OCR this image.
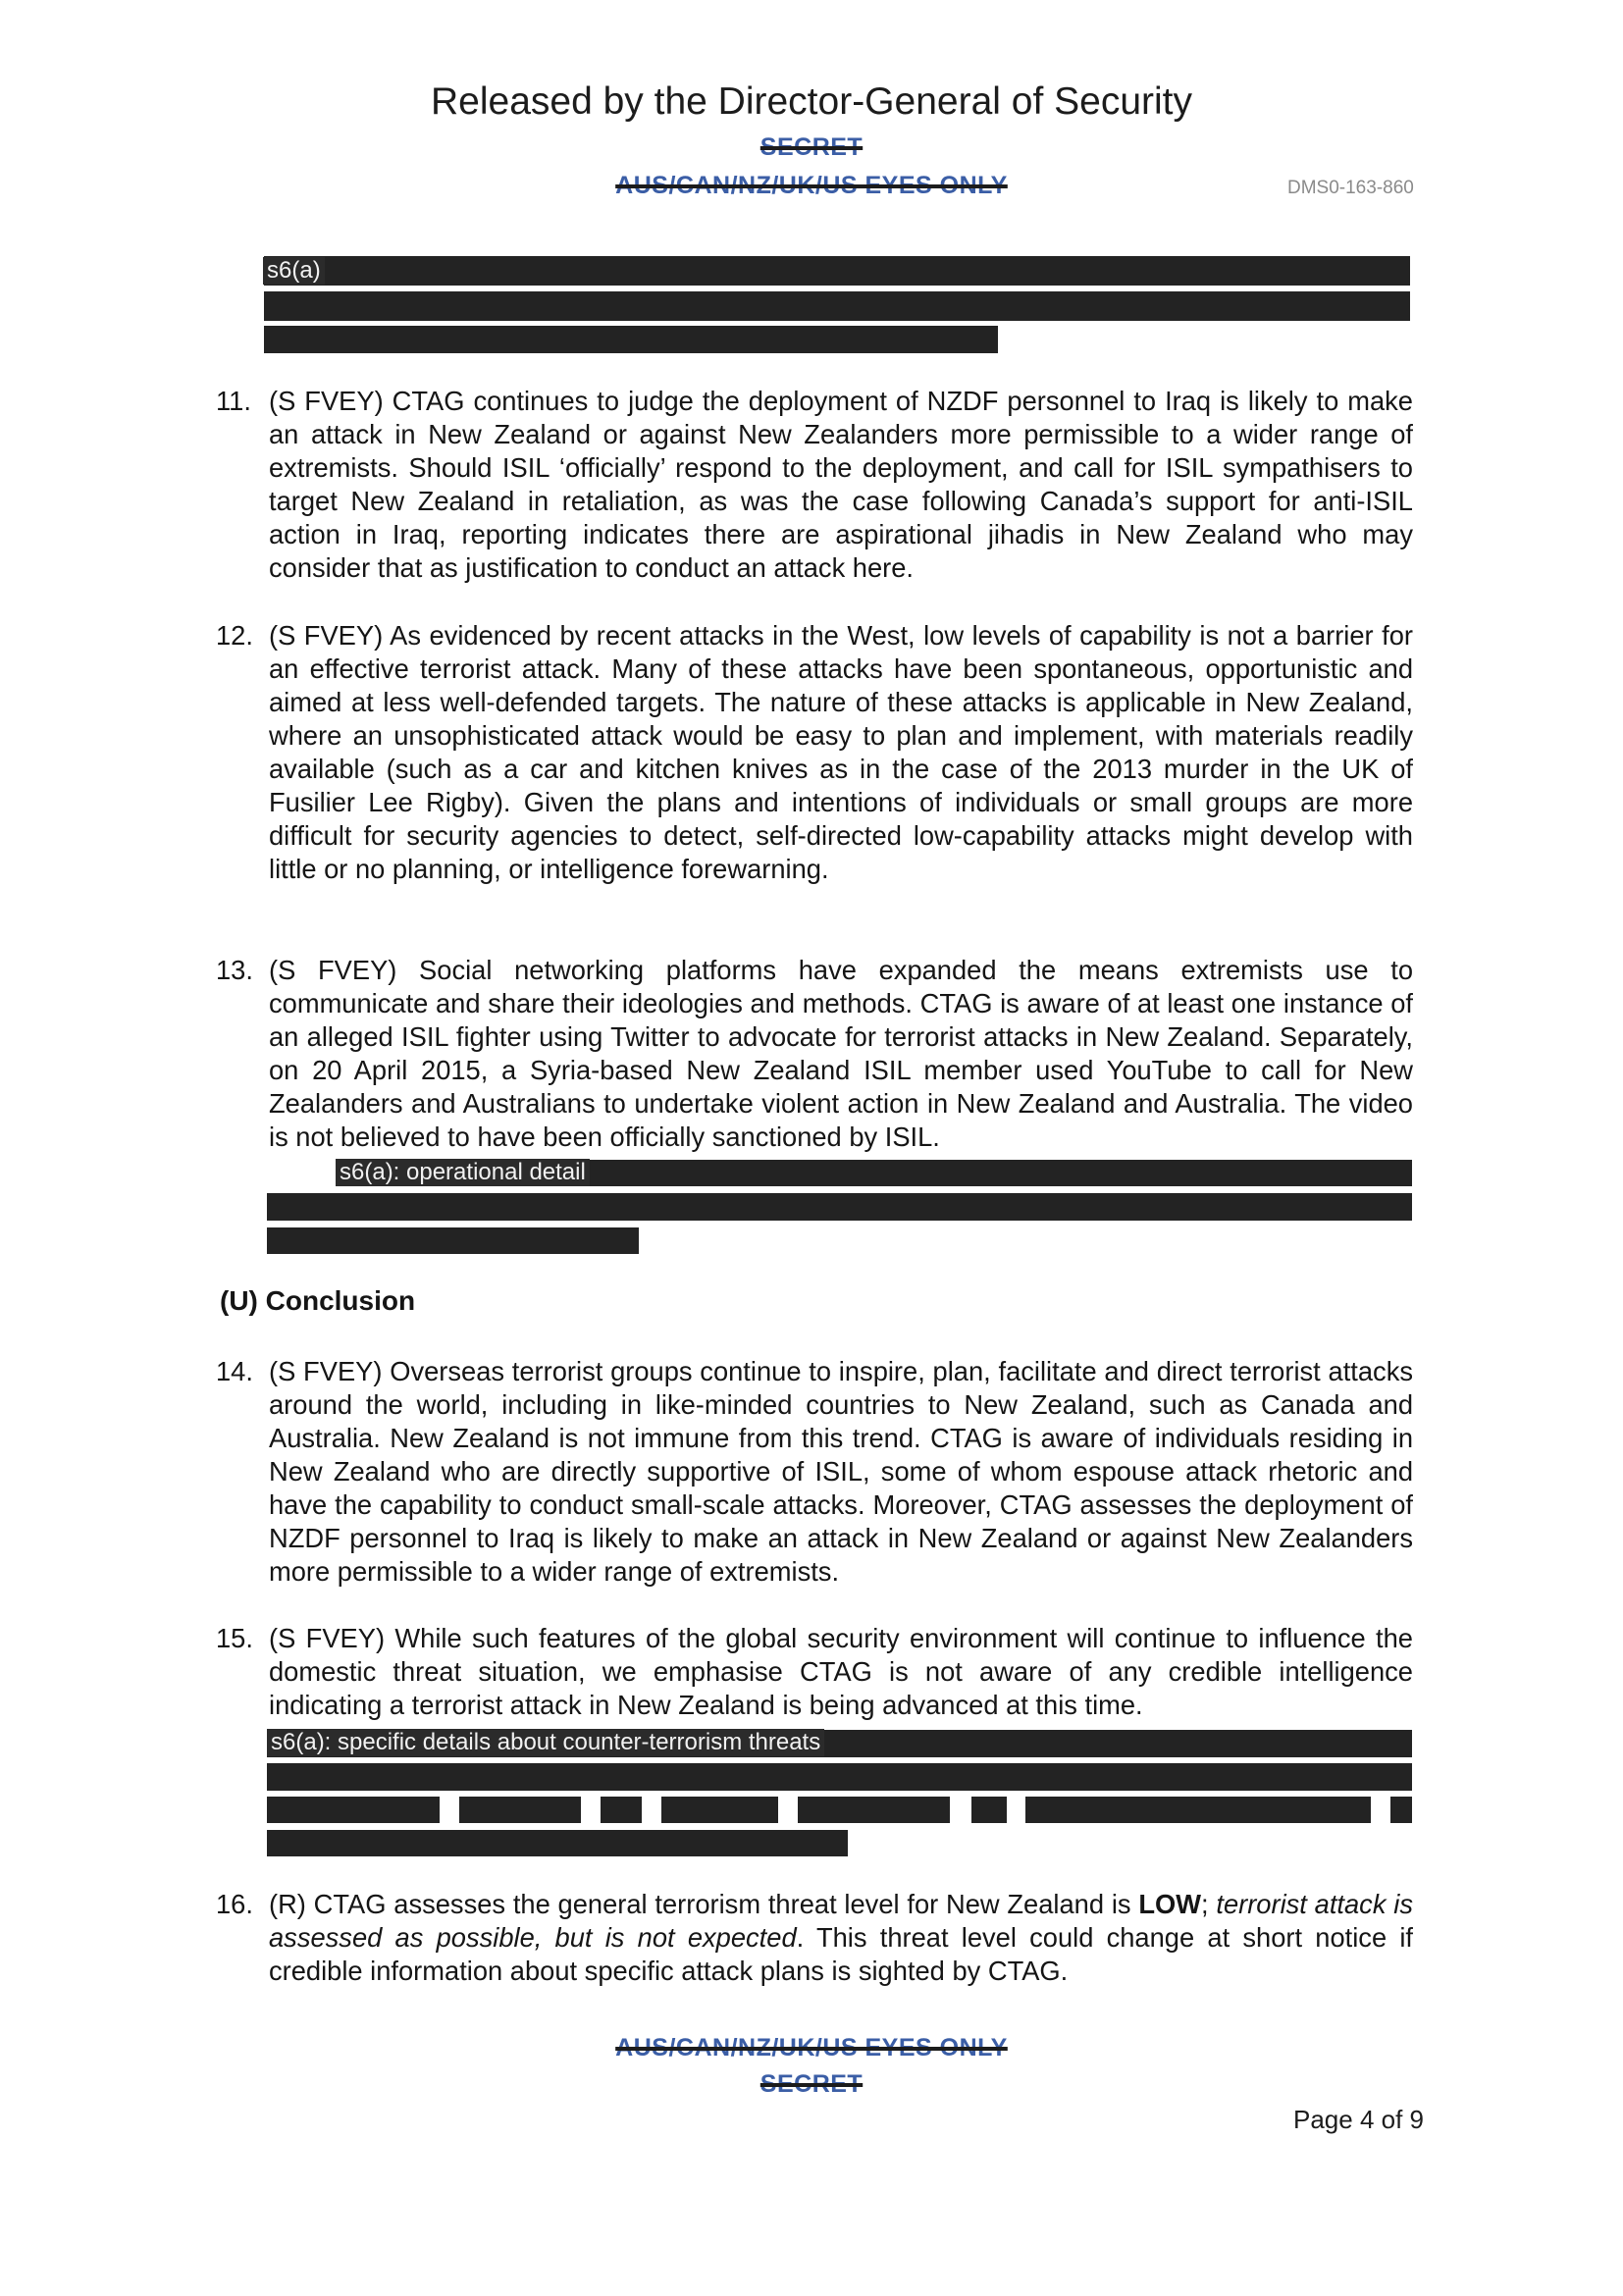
Released by the Director-General of Security
SECRET
AUS/CAN/NZ/UK/US EYES ONLY	DMS0-163-860
s6(a)
11. (S FVEY) CTAG continues to judge the deployment of NZDF personnel to Iraq is likely to make an attack in New Zealand or against New Zealanders more permissible to a wider range of extremists. Should ISIL ‘officially’ respond to the deployment, and call for ISIL sympathisers to target New Zealand in retaliation, as was the case following Canada’s support for anti-ISIL action in Iraq, reporting indicates there are aspirational jihadis in New Zealand who may consider that as justification to conduct an attack here.
12. (S FVEY) As evidenced by recent attacks in the West, low levels of capability is not a barrier for an effective terrorist attack. Many of these attacks have been spontaneous, opportunistic and aimed at less well-defended targets. The nature of these attacks is applicable in New Zealand, where an unsophisticated attack would be easy to plan and implement, with materials readily available (such as a car and kitchen knives as in the case of the 2013 murder in the UK of Fusilier Lee Rigby). Given the plans and intentions of individuals or small groups are more difficult for security agencies to detect, self-directed low-capability attacks might develop with little or no planning, or intelligence forewarning.
13. (S FVEY) Social networking platforms have expanded the means extremists use to communicate and share their ideologies and methods. CTAG is aware of at least one instance of an alleged ISIL fighter using Twitter to advocate for terrorist attacks in New Zealand. Separately, on 20 April 2015, a Syria-based New Zealand ISIL member used YouTube to call for New Zealanders and Australians to undertake violent action in New Zealand and Australia. The video is not believed to have been officially sanctioned by ISIL.
s6(a): operational detail
(U) Conclusion
14. (S FVEY) Overseas terrorist groups continue to inspire, plan, facilitate and direct terrorist attacks around the world, including in like-minded countries to New Zealand, such as Canada and Australia. New Zealand is not immune from this trend. CTAG is aware of individuals residing in New Zealand who are directly supportive of ISIL, some of whom espouse attack rhetoric and have the capability to conduct small-scale attacks. Moreover, CTAG assesses the deployment of NZDF personnel to Iraq is likely to make an attack in New Zealand or against New Zealanders more permissible to a wider range of extremists.
15. (S FVEY) While such features of the global security environment will continue to influence the domestic threat situation, we emphasise CTAG is not aware of any credible intelligence indicating a terrorist attack in New Zealand is being advanced at this time.
s6(a): specific details about counter-terrorism threats
16. (R) CTAG assesses the general terrorism threat level for New Zealand is LOW; terrorist attack is assessed as possible, but is not expected. This threat level could change at short notice if credible information about specific attack plans is sighted by CTAG.
AUS/CAN/NZ/UK/US EYES ONLY
SECRET
Page 4 of 9
